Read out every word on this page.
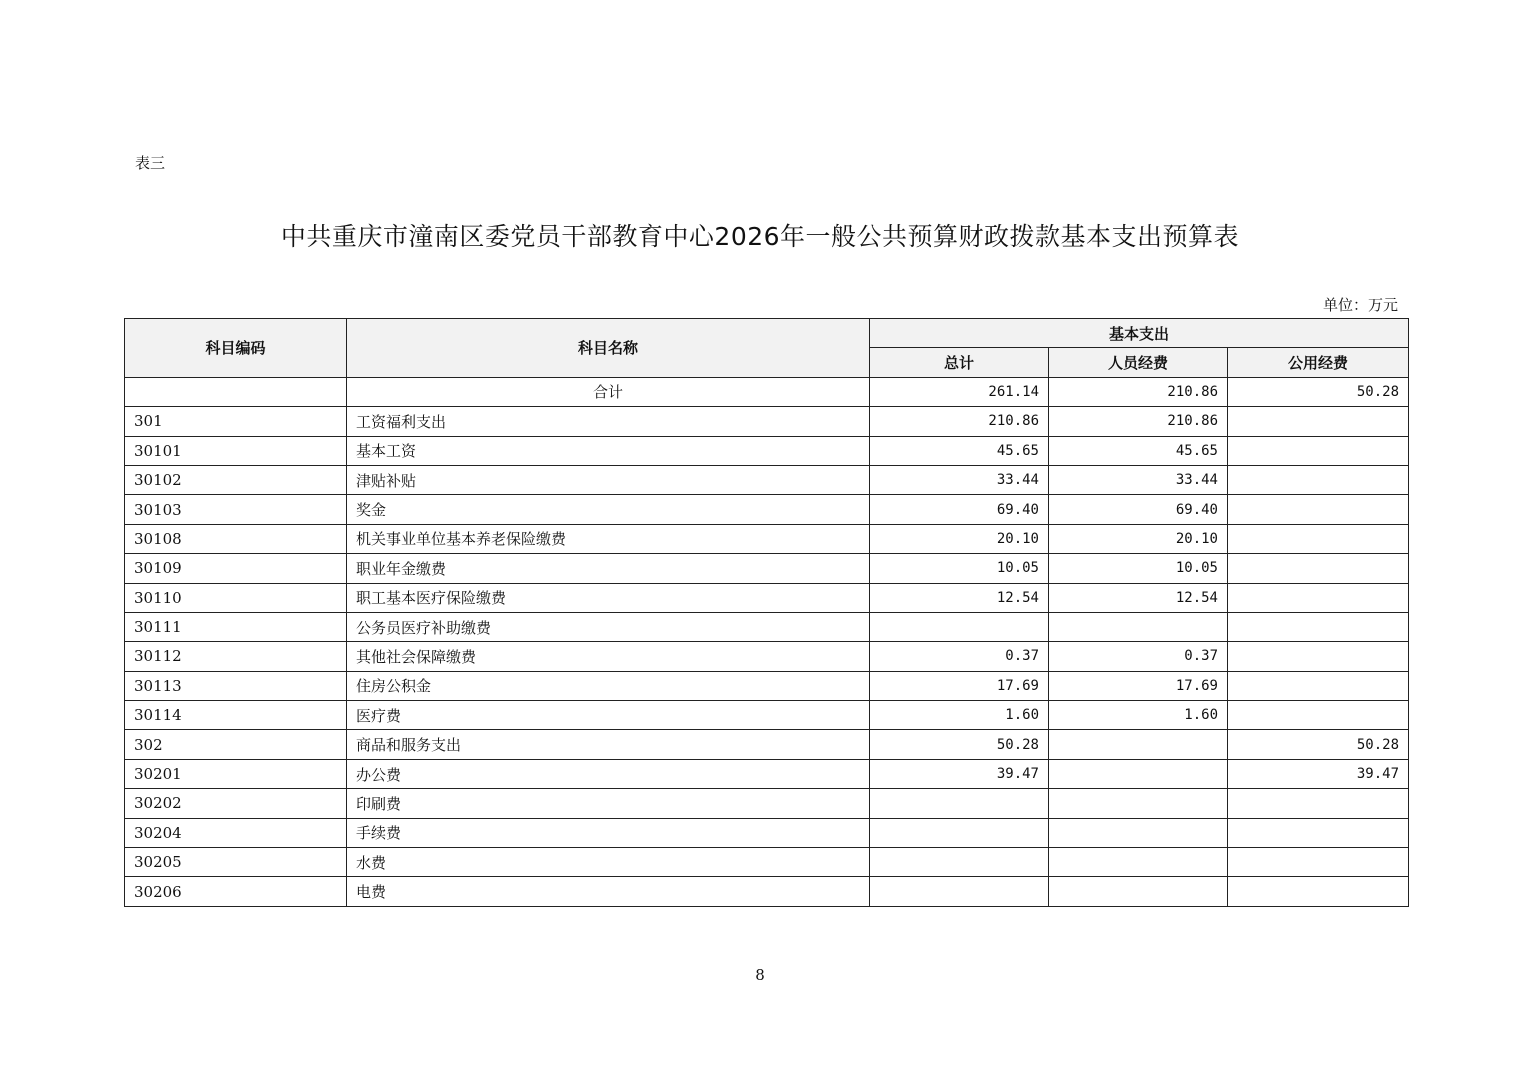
表三
中共重庆市潼南区委党员干部教育中心2026年一般公共预算财政拨款基本支出预算表
单位：万元
科目编码	科目名称	基本支出		
		总计	人员经费	公用经费
	合计	261.14	210.86	50.28
301	工资福利支出	210.86	210.86	
30101	基本工资	45.65	45.65	
30102	津贴补贴	33.44	33.44	
30103	奖金	69.40	69.40	
30108	机关事业单位基本养老保险缴费	20.10	20.10	
30109	职业年金缴费	10.05	10.05	
30110	职工基本医疗保险缴费	12.54	12.54	
30111	公务员医疗补助缴费			
30112	其他社会保障缴费	0.37	0.37	
30113	住房公积金	17.69	17.69	
30114	医疗费	1.60	1.60	
302	商品和服务支出	50.28		50.28
30201	办公费	39.47		39.47
30202	印刷费			
30204	手续费			
30205	水费			
30206	电费			
8
